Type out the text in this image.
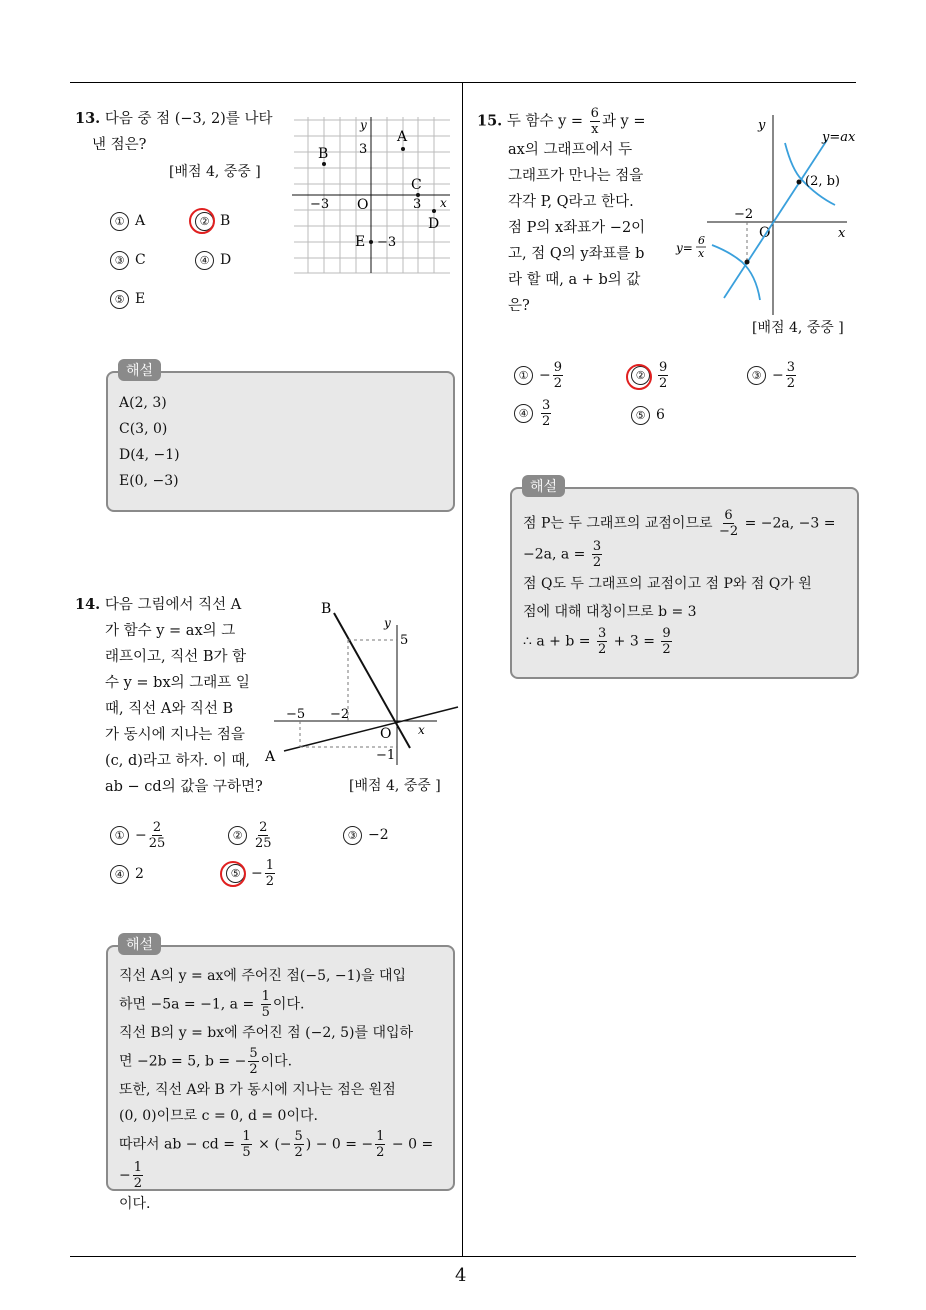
4
13. 다음 중 점 (−3, 2)를 나타
낸 점은?
[배점 4, 중중 ]
y
x
O
3
−3	3
−3
A
B
C
D
E
① A	② B
③ C	④ D
⑤ E
해설
A(2, 3)
C(3, 0)
D(4, −1)
E(0, −3)
14. 다음 그림에서 직선 A
가 함수 y = ax의 그
래프이고, 직선 B가 함
수 y = bx의 그래프 일
때, 직선 A와 직선 B
가 동시에 지나는 점을
(c, d)라고 하자. 이 때,
ab − cd의 값을 구하면?	[배점 4, 중중 ]
y
x
O
B
A
5
−5 −2
−1
① − $\frac{2}{25}$	② $\frac{2}{25}$	③ −2
④ 2	⑤ − $\frac{1}{2}$
해설
직선 A의 y = ax에 주어진 점(−5, −1)을 대입
하면 −5a = −1, $a = \frac{1}{5}$ 이다.
직선 B의 y = bx에 주어진 점 (−2, 5)를 대입하
면 −2b = 5, b = − $\frac{5}{2}$ 이다.
또한, 직선 A와 B 가 동시에 지나는 점은 원점
(0, 0)이므로 c = 0, d = 0이다.
따라서 ab − cd = $\frac{1}{5}$ × (− $\frac{5}{2}$ ) − 0 = − $\frac{1}{2} - 0$ = − $\frac{1}{2}$
이다.
15. 두 함수 $y = \frac{6}{x}$ 과 y =
ax의 그래프에서 두
그래프가 만나는 점을
각각 P, Q라고 한다.
점 P의 x좌표가 −2이
고, 점 Q의 y좌표를 b
라 할 때, a + b의 값
은?
[배점 4, 중중 ]
y
x
O
(2, b)
y=ax
−2
y=
6
x
① − $\frac{9}{2}$	② $\frac{9}{2}$	③ − $\frac{3}{2}$
④ $\frac{3}{2}$	⑤ 6
해설
점 P는 두 그래프의 교점이므로 $\frac{6}{-2} = -2a$, −3 =
−2a, $a = \frac{3}{2}$
점 Q도 두 그래프의 교점이고 점 P와 점 Q가 원
점에 대해 대칭이므로 b = 3
∴ $a + b = \frac{3}{2} + 3 = \frac{9}{2}$
